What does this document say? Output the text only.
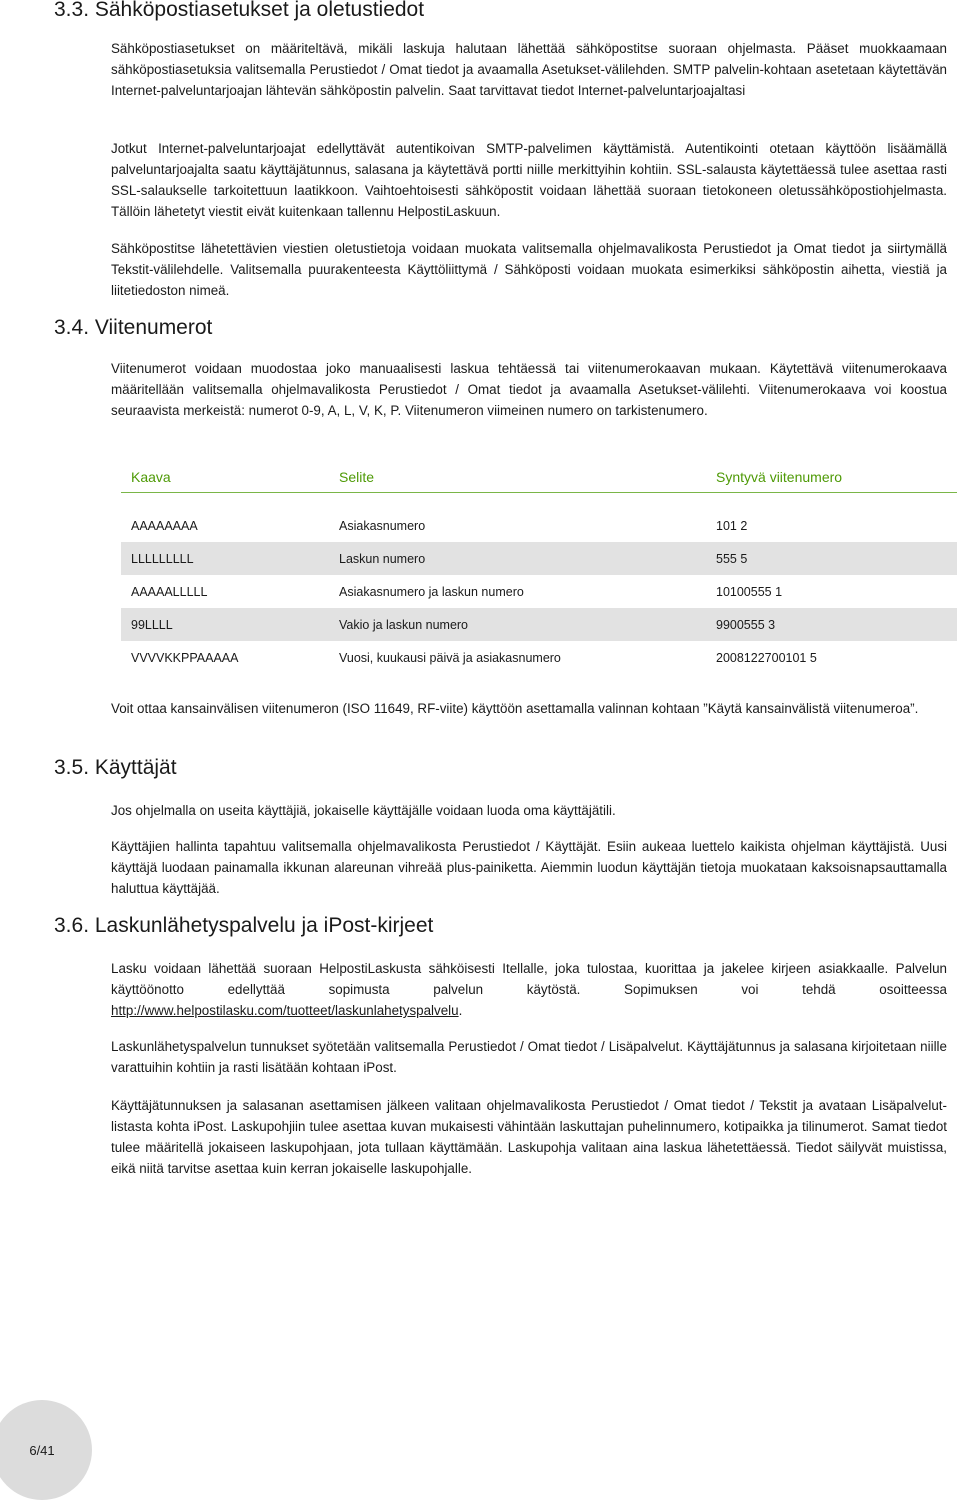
3.3. Sähköpostiasetukset ja oletustiedot

Sähköpostiasetukset on määriteltävä, mikäli laskuja halutaan lähettää sähköpostitse suoraan ohjelmasta. Pääset muokkaamaan sähköpostiasetuksia valitsemalla Perustiedot / Omat tiedot ja avaamalla Asetukset-välilehden. SMTP palvelin-kohtaan asetetaan käytettävän Internet-palveluntarjoajan lähtevän sähköpostin palvelin. Saat tarvittavat tiedot Internet-palveluntarjoajaltasi

Jotkut Internet-palveluntarjoajat edellyttävät autentikoivan SMTP-palvelimen käyttämistä. Autentikointi otetaan käyttöön lisäämällä palveluntarjoajalta saatu käyttäjätunnus, salasana ja käytettävä portti niille merkittyihin kohtiin. SSL-salausta käytettäessä tulee asettaa rasti SSL-salaukselle tarkoitettuun laatikkoon. Vaihtoehtoisesti sähköpostit voidaan lähettää suoraan tietokoneen oletussähköpostiohjelmasta. Tällöin lähetetyt viestit eivät kuitenkaan tallennu HelpostiLaskuun.

Sähköpostitse lähetettävien viestien oletustietoja voidaan muokata valitsemalla ohjelmavalikosta Perustiedot ja Omat tiedot ja siirtymällä Tekstit-välilehdelle. Valitsemalla puurakenteesta Käyttöliittymä / Sähköposti voidaan muokata esimerkiksi sähköpostin aihetta, viestiä ja liitetiedoston nimeä.

3.4. Viitenumerot

Viitenumerot voidaan muodostaa joko manuaalisesti laskua tehtäessä tai viitenumerokaavan mukaan. Käytettävä viitenumerokaava määritellään valitsemalla ohjelmavalikosta Perustiedot / Omat tiedot ja avaamalla Asetukset-välilehti. Viitenumerokaava voi koostua seuraavista merkeistä: numerot 0-9, A, L, V, K, P. Viitenumeron viimeinen numero on tarkistenumero.

Kaava	Selite	Syntyvä viitenumero

AAAAAAAA	Asiakasnumero	101 2
LLLLLLLLL	Laskun numero	555 5
AAAAALLLLL	Asiakasnumero ja laskun numero	10100555 1
99LLLL	Vakio ja laskun numero	9900555 3
VVVVKKPPAAAAA	Vuosi, kuukausi päivä ja asiakasnumero	2008122700101 5

Voit ottaa kansainvälisen viitenumeron (ISO 11649, RF-viite) käyttöön asettamalla valinnan kohtaan ”Käytä kansainvälistä viitenumeroa”.

3.5. Käyttäjät

Jos ohjelmalla on useita käyttäjiä, jokaiselle käyttäjälle voidaan luoda oma käyttäjätili.

Käyttäjien hallinta tapahtuu valitsemalla ohjelmavalikosta Perustiedot / Käyttäjät. Esiin aukeaa luettelo kaikista ohjelman käyttäjistä. Uusi käyttäjä luodaan painamalla ikkunan alareunan vihreää plus-painiketta. Aiemmin luodun käyttäjän tietoja muokataan kaksoisnapsauttamalla haluttua käyttäjää.

3.6. Laskunlähetyspalvelu ja iPost-kirjeet

Lasku voidaan lähettää suoraan HelpostiLaskusta sähköisesti Itellalle, joka tulostaa, kuorittaa ja jakelee kirjeen asiakkaalle. Palvelun käyttöönotto edellyttää sopimusta palvelun käytöstä. Sopimuksen voi tehdä osoitteessa http://www.helpostilasku.com/tuotteet/laskunlahetyspalvelu.

Laskunlähetyspalvelun tunnukset syötetään valitsemalla Perustiedot / Omat tiedot / Lisäpalvelut. Käyttäjätunnus ja salasana kirjoitetaan niille varattuihin kohtiin ja rasti lisätään kohtaan iPost.

Käyttäjätunnuksen ja salasanan asettamisen jälkeen valitaan ohjelmavalikosta Perustiedot / Omat tiedot / Tekstit ja avataan Lisäpalvelut-listasta kohta iPost. Laskupohjiin tulee asettaa kuvan mukaisesti vähintään laskuttajan puhelinnumero, kotipaikka ja tilinumerot. Samat tiedot tulee määritellä jokaiseen laskupohjaan, jota tullaan käyttämään. Laskupohja valitaan aina laskua lähetettäessä. Tiedot säilyvät muistissa, eikä niitä tarvitse asettaa kuin kerran jokaiselle laskupohjalle.

6/41
